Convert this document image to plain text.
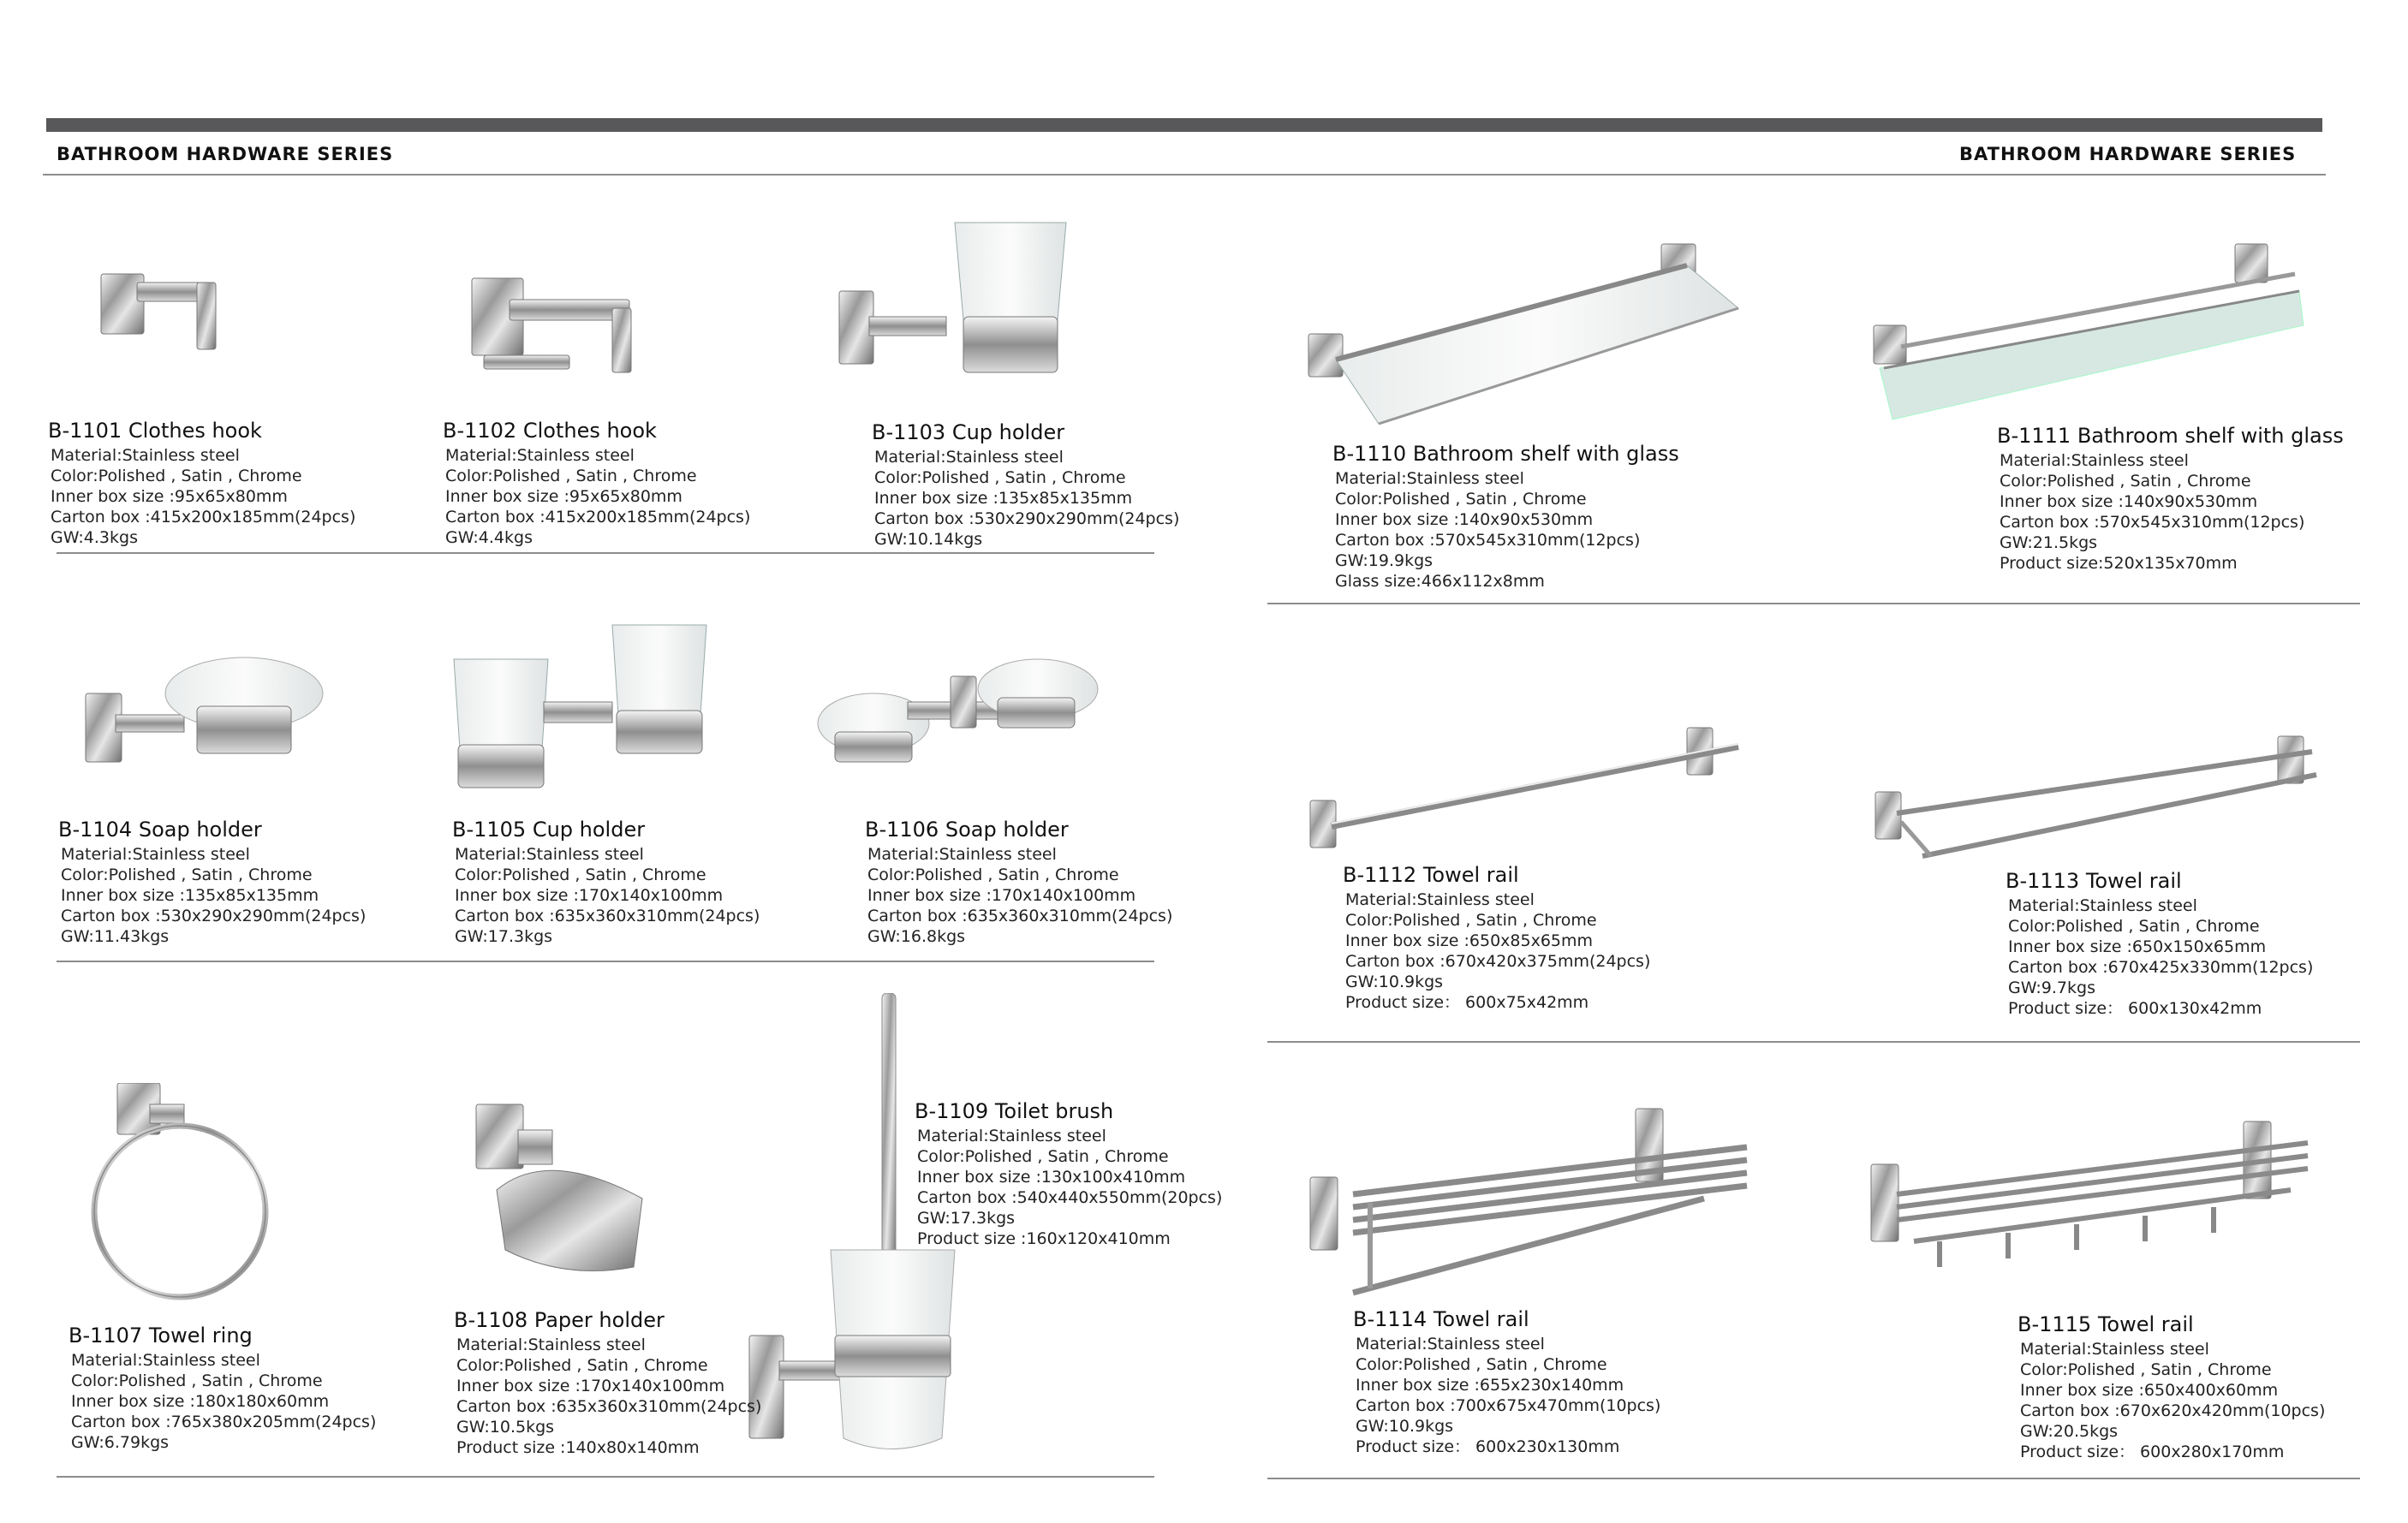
BATHROOM HARDWARE SERIES	BATHROOM HARDWARE SERIES
B-1101 Clothes hook
Material:Stainless steel
Color:Polished , Satin , Chrome
Inner box size :95x65x80mm
Carton box :415x200x185mm(24pcs)
GW:4.3kgs
B-1102 Clothes hook
Material:Stainless steel
Color:Polished , Satin , Chrome
Inner box size :95x65x80mm
Carton box :415x200x185mm(24pcs)
GW:4.4kgs
B-1103 Cup holder
Material:Stainless steel
Color:Polished , Satin , Chrome
Inner box size :135x85x135mm
Carton box :530x290x290mm(24pcs)
GW:10.14kgs
B-1104 Soap holder
Material:Stainless steel
Color:Polished , Satin , Chrome
Inner box size :135x85x135mm
Carton box :530x290x290mm(24pcs)
GW:11.43kgs
B-1105 Cup holder
Material:Stainless steel
Color:Polished , Satin , Chrome
Inner box size :170x140x100mm
Carton box :635x360x310mm(24pcs)
GW:17.3kgs
B-1106 Soap holder
Material:Stainless steel
Color:Polished , Satin , Chrome
Inner box size :170x140x100mm
Carton box :635x360x310mm(24pcs)
GW:16.8kgs
B-1107 Towel ring
Material:Stainless steel
Color:Polished , Satin , Chrome
Inner box size :180x180x60mm
Carton box :765x380x205mm(24pcs)
GW:6.79kgs
B-1108 Paper holder
Material:Stainless steel
Color:Polished , Satin , Chrome
Inner box size :170x140x100mm
Carton box :635x360x310mm(24pcs)
GW:10.5kgs
Product size :140x80x140mm
B-1109 Toilet brush
Material:Stainless steel
Color:Polished , Satin , Chrome
Inner box size :130x100x410mm
Carton box :540x440x550mm(20pcs)
GW:17.3kgs
Product size :160x120x410mm
B-1110 Bathroom shelf with glass
Material:Stainless steel
Color:Polished , Satin , Chrome
Inner box size :140x90x530mm
Carton box :570x545x310mm(12pcs)
GW:19.9kgs
Glass size:466x112x8mm
B-1111 Bathroom shelf with glass
Material:Stainless steel
Color:Polished , Satin , Chrome
Inner box size :140x90x530mm
Carton box :570x545x310mm(12pcs)
GW:21.5kgs
Product size:520x135x70mm
B-1112 Towel rail
Material:Stainless steel
Color:Polished , Satin , Chrome
Inner box size :650x85x65mm
Carton box :670x420x375mm(24pcs)
GW:10.9kgs
Product size： 600x75x42mm
B-1113 Towel rail
Material:Stainless steel
Color:Polished , Satin , Chrome
Inner box size :650x150x65mm
Carton box :670x425x330mm(12pcs)
GW:9.7kgs
Product size： 600x130x42mm
B-1114 Towel rail
Material:Stainless steel
Color:Polished , Satin , Chrome
Inner box size :655x230x140mm
Carton box :700x675x470mm(10pcs)
GW:10.9kgs
Product size： 600x230x130mm
B-1115 Towel rail
Material:Stainless steel
Color:Polished , Satin , Chrome
Inner box size :650x400x60mm
Carton box :670x620x420mm(10pcs)
GW:20.5kgs
Product size： 600x280x170mm
